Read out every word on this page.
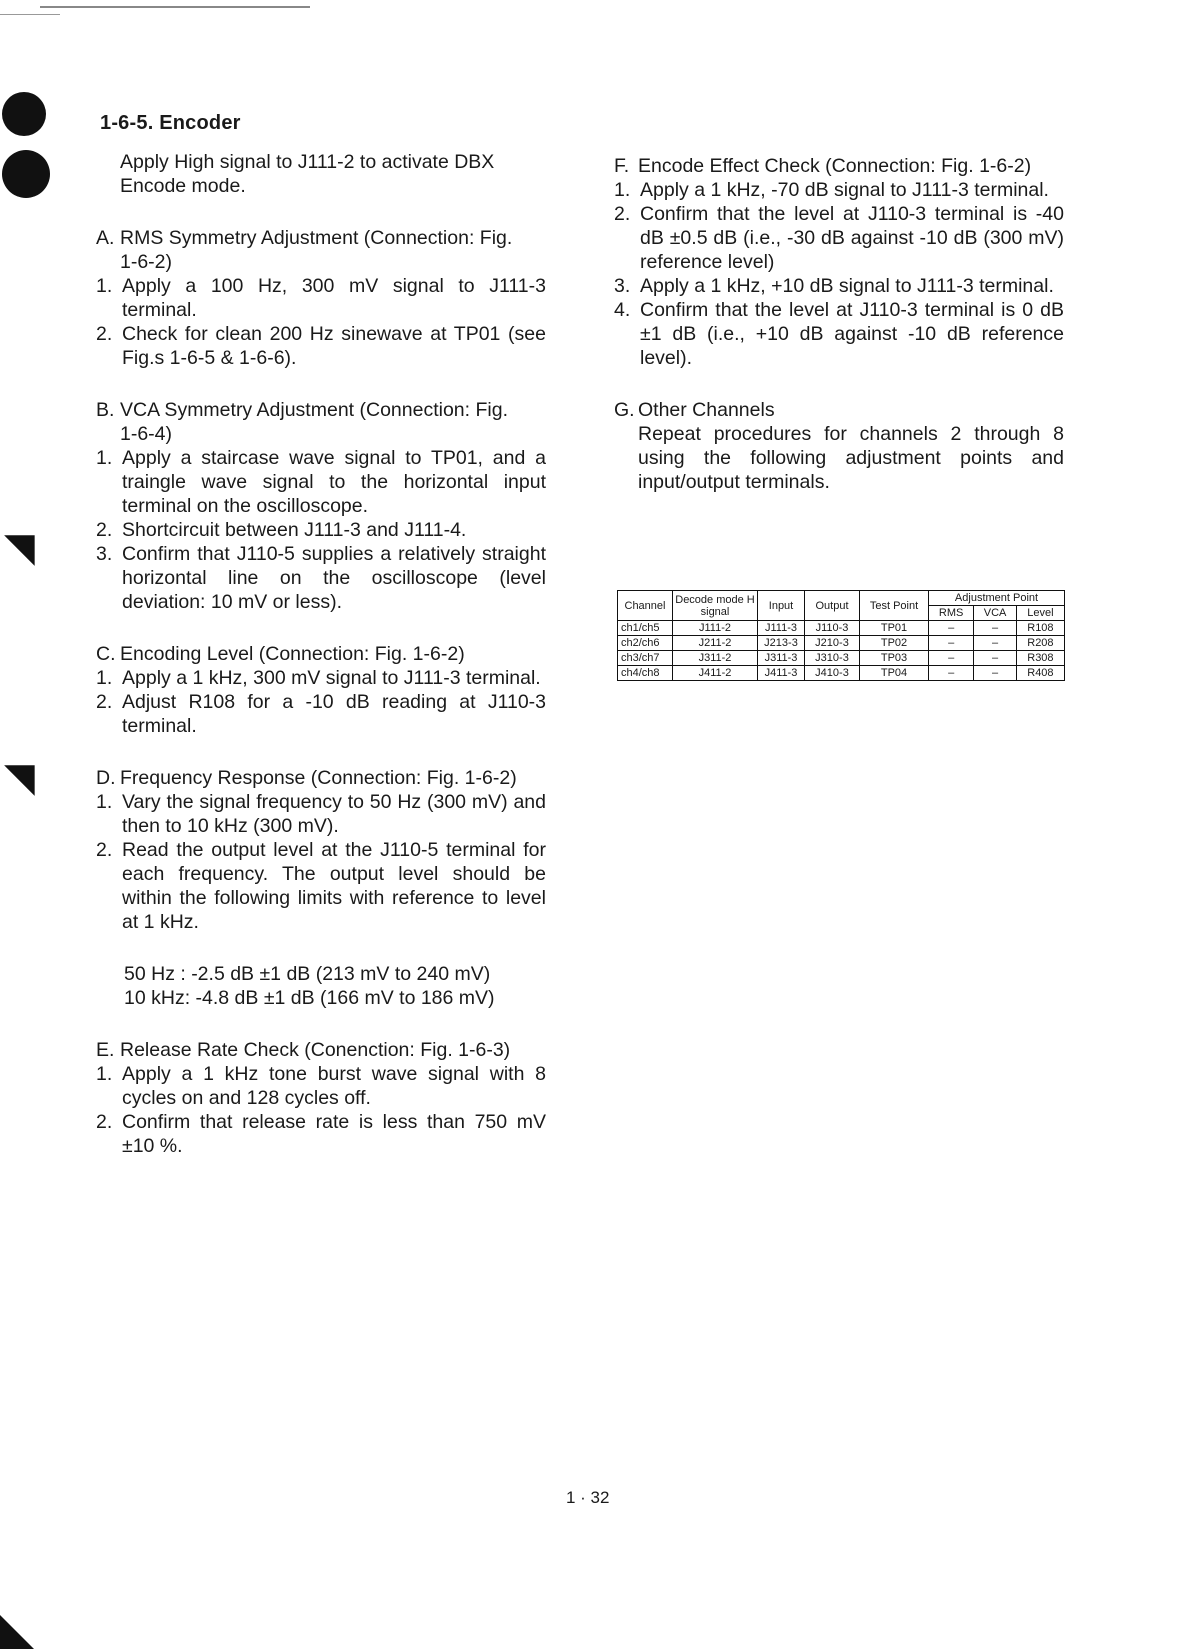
◥
◥
1-6-5. Encoder

Apply High signal to J111-2 to activate DBX Encode mode.

A. RMS Symmetry Adjustment (Connection: Fig.
1-6-2)

1. Apply a 100 Hz, 300 mV signal to J111-3 terminal.
2. Check for clean 200 Hz sinewave at TP01 (see Fig.s 1-6-5 & 1-6-6).

B. VCA Symmetry Adjustment (Connection: Fig.
1-6-4)

1. Apply a staircase wave signal to TP01, and a traingle wave signal to the horizontal input terminal on the oscilloscope.
2. Shortcircuit between J111-3 and J111-4.
3. Confirm that J110-5 supplies a relatively straight horizontal line on the oscilloscope (level deviation: 10 mV or less).

C. Encoding Level (Connection: Fig. 1-6-2)

1. Apply a 1 kHz, 300 mV signal to J111-3 terminal.
2. Adjust R108 for a -10 dB reading at J110-3 terminal.

D. Frequency Response (Connection: Fig. 1-6-2)

1. Vary the signal frequency to 50 Hz (300 mV) and then to 10 kHz (300 mV).
2. Read the output level at the J110-5 terminal for each frequency. The output level should be within the following limits with reference to level at 1 kHz.
50 Hz : -2.5 dB ±1 dB (213 mV to 240 mV)
10 kHz: -4.8 dB ±1 dB (166 mV to 186 mV)

E. Release Rate Check (Conenction: Fig. 1-6-3)

1. Apply a 1 kHz tone burst wave signal with 8 cycles on and 128 cycles off.
2. Confirm that release rate is less than 750 mV ±10 %.

F. Encode Effect Check (Connection: Fig. 1-6-2)

1. Apply a 1 kHz, -70 dB signal to J111-3 terminal.
2. Confirm that the level at J110-3 terminal is -40 dB ±0.5 dB (i.e., -30 dB against -10 dB (300 mV) reference level)
3. Apply a 1 kHz, +10 dB signal to J111-3 terminal.
4. Confirm that the level at J110-3 terminal is 0 dB ±1 dB (i.e., +10 dB against -10 dB reference level).

G. Other Channels

Repeat procedures for channels 2 through 8 using the following adjustment points and input/output terminals.

Channel	Decode mode H signal	Input	Output	Test Point	Adjustment Point		
					RMS	VCA	Level
ch1/ch5	J111-2	J111-3	J110-3	TP01	–	–	R108
ch2/ch6	J211-2	J213-3	J210-3	TP02	–	–	R208
ch3/ch7	J311-2	J311-3	J310-3	TP03	–	–	R308
ch4/ch8	J411-2	J411-3	J410-3	TP04	–	–	R408
1 · 32
